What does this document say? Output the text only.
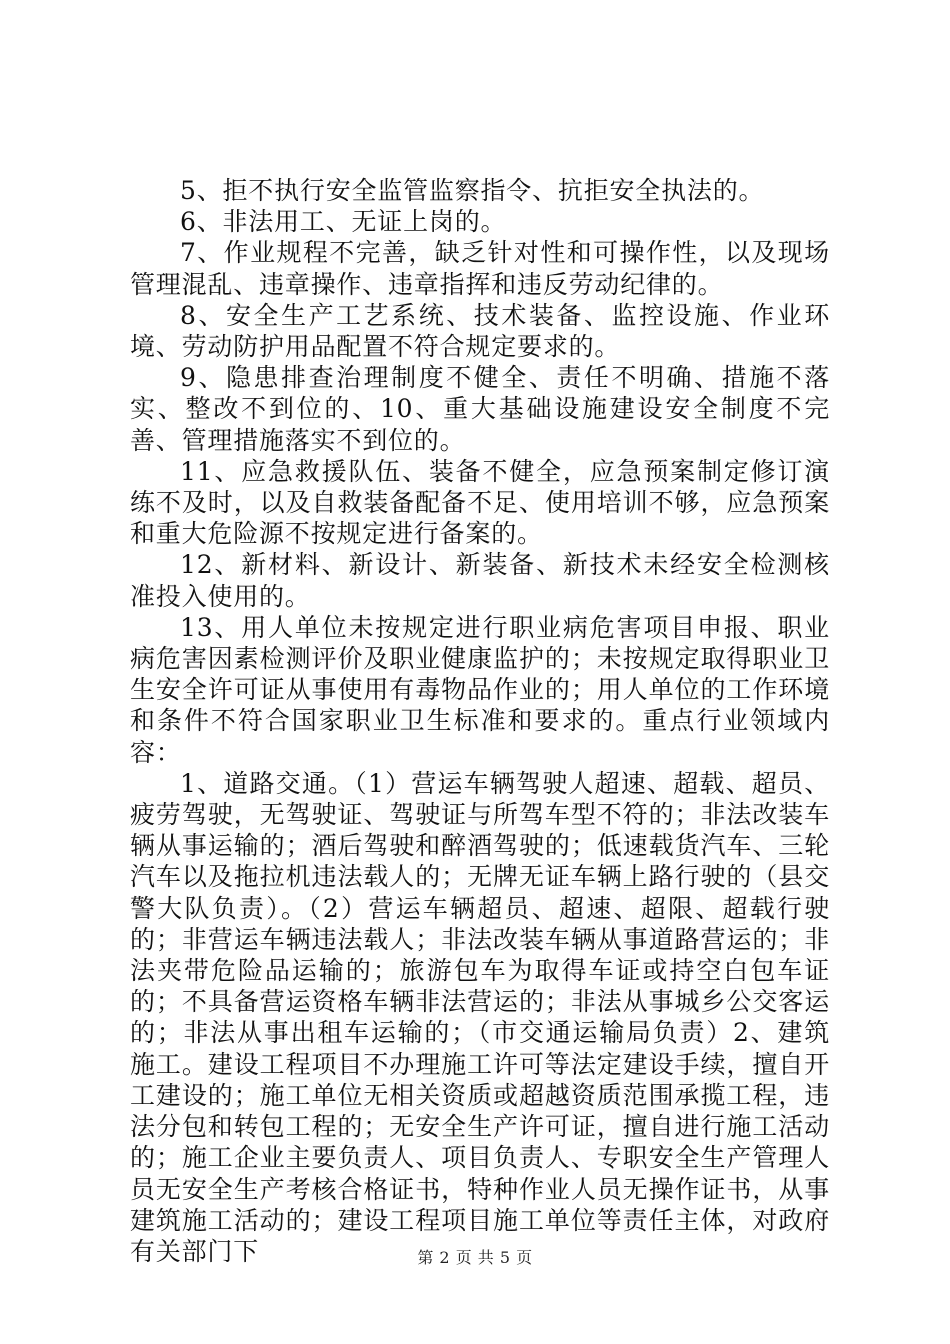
5、拒不执行安全监管监察指令、抗拒安全执法的。

6、非法用工、无证上岗的。

7、作业规程不完善，缺乏针对性和可操作性，以及现场管理混乱、违章操作、违章指挥和违反劳动纪律的。

8、安全生产工艺系统、技术装备、监控设施、作业环境、劳动防护用品配置不符合规定要求的。

9、隐患排查治理制度不健全、责任不明确、措施不落实、整改不到位的、10、重大基础设施建设安全制度不完善、管理措施落实不到位的。

11、应急救援队伍、装备不健全，应急预案制定修订演练不及时，以及自救装备配备不足、使用培训不够，应急预案和重大危险源不按规定进行备案的。

12、新材料、新设计、新装备、新技术未经安全检测核准投入使用的。

13、用人单位未按规定进行职业病危害项目申报、职业病危害因素检测评价及职业健康监护的；未按规定取得职业卫生安全许可证从事使用有毒物品作业的；用人单位的工作环境和条件不符合国家职业卫生标准和要求的。重点行业领域内容：

1、道路交通。（1）营运车辆驾驶人超速、超载、超员、疲劳驾驶，无驾驶证、驾驶证与所驾车型不符的；非法改装车辆从事运输的；酒后驾驶和醉酒驾驶的；低速载货汽车、三轮汽车以及拖拉机违法载人的；无牌无证车辆上路行驶的（县交警大队负责）。（2）营运车辆超员、超速、超限、超载行驶的；非营运车辆违法载人；非法改装车辆从事道路营运的；非法夹带危险品运输的；旅游包车为取得车证或持空白包车证的；不具备营运资格车辆非法营运的；非法从事城乡公交客运的；非法从事出租车运输的；（市交通运输局负责）2、建筑施工。建设工程项目不办理施工许可等法定建设手续，擅自开工建设的；施工单位无相关资质或超越资质范围承揽工程，违法分包和转包工程的；无安全生产许可证，擅自进行施工活动的；施工企业主要负责人、项目负责人、专职安全生产管理人员无安全生产考核合格证书，特种作业人员无操作证书，从事建筑施工活动的；建设工程项目施工单位等责任主体，对政府有关部门下	第 2 页 共 5 页
